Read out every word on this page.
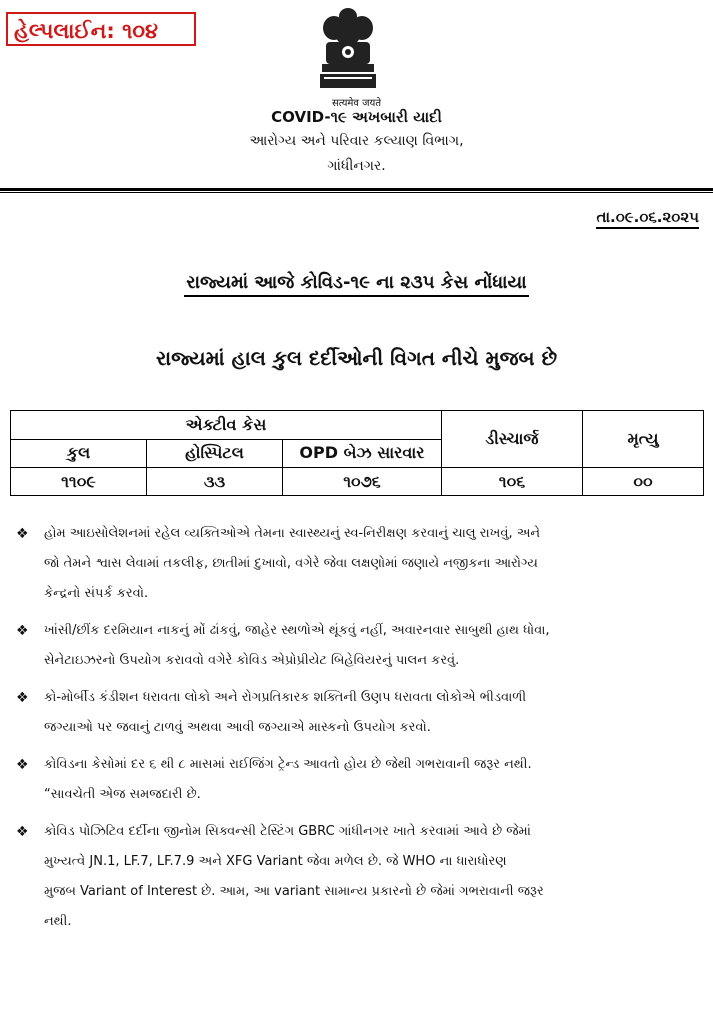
હેલ્પલાઈન: ૧૦૪
सत्यमेव जयते
COVID-૧૯ અખબારી યાદી
આરોગ્ય અને પરિવાર કલ્યાણ વિભાગ,
ગાંધીનગર.
તા.૦૯.૦૬.૨૦૨૫
રાજ્યમાં આજે કોવિડ-૧૯ ના ૨૩૫ કેસ નોંધાયા
રાજ્યમાં હાલ કુલ દર્દીઓની વિગત નીચે મુજબ છે
એક્ટીવ કેસ			ડીસ્ચાર્જ	મૃત્યુ
કુલ	હોસ્પિટલ	OPD બેઝ સારવાર		
૧૧૦૯	૩૩	૧૦૭૬	૧૦૬	૦૦
❖ હોમ આઇસોલેશનમાં રહેલ વ્યક્તિઓએ તેમના સ્વાસ્થ્યનું સ્વ-નિરીક્ષણ કરવાનું ચાલુ રાખવું, અને

જો તેમને શ્વાસ લેવામાં તકલીફ, છાતીમાં દુખાવો, વગેરે જેવા લક્ષણોમાં જણાયે નજીકના આરોગ્ય

કેન્દ્રનો સંપર્ક કરવો.

❖ ખાંસી/છીંક દરમિયાન નાકનું મોં ઢાંકવું, જાહેર સ્થળોએ થૂંકવું નહીં, અવારનવાર સાબુથી હાથ ધોવા,

સેનેટાઇઝરનો ઉપયોગ કરાવવો વગેરે કોવિડ એપ્રોપ્રીયેટ બિહેવિયરનું પાલન કરવું.

❖ કો-મોર્બીડ કંડીશન ધરાવતા લોકો અને રોગપ્રતિકારક શક્તિની ઉણપ ધરાવતા લોકોએ ભીડવાળી

જગ્યાઓ પર જવાનું ટાળવું અથવા આવી જગ્યાએ માસ્કનો ઉપયોગ કરવો.

❖ કોવિડના કેસોમાં દર ૬ થી ૮ માસમાં રાઈજિંગ ટ્રેન્ડ આવતો હોય છે જેથી ગભરાવાની જરૂર નથી.

“સાવચેતી એજ સમજદારી છે.

❖ કોવિડ પોઝિટિવ દર્દીના જીનોમ સિક્વન્સી ટેસ્ટિંગ GBRC ગાંધીનગર ખાતે કરવામાં આવે છે જેમાં

મુખ્યત્વે JN.1, LF.7, LF.7.9 અને XFG Variant જેવા મળેલ છે. જે WHO ના ધારાધોરણ

મુજબ Variant of Interest છે. આમ, આ variant સામાન્ય પ્રકારનો છે જેમાં ગભરાવાની જરૂર

નથી.
